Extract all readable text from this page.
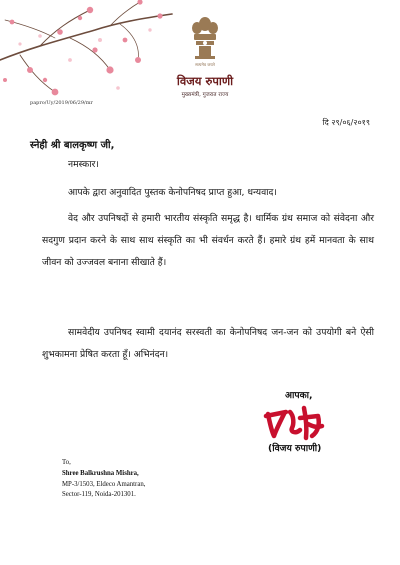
सत्यमेव जयते
विजय रुपाणी
मुख्यमंत्री, गुजरात राज्य
papro/Uy/2019/06/29/mr
दि २९/०६/२०१९
स्नेही श्री बालकृष्ण जी,
नमस्कार।
आपके द्वारा अनुवादित पुस्तक केनोपनिषद प्राप्त हुआ, धन्यवाद।
वेद और उपनिषदों से हमारी भारतीय संस्कृति समृद्ध है। धार्मिक ग्रंथ समाज को संवेदना और सदगुण प्रदान करने के साथ साथ संस्कृति का भी संवर्धन करते हैं। हमारे ग्रंथ हमें मानवता के साथ जीवन को उज्जवल बनाना सीखाते हैं।
सामवेदीय उपनिषद स्वामी दयानंद सरस्वती का केनोपनिषद जन-जन को उपयोगी बने ऐसी शुभकामना प्रेषित करता हूँ। अभिनंदन।
आपका,
(विजय रुपाणी)
To,
Shree Balkrushna Mishra,
MP-3/1503, Eldeco Amantran,
Sector-119, Noida-201301.
